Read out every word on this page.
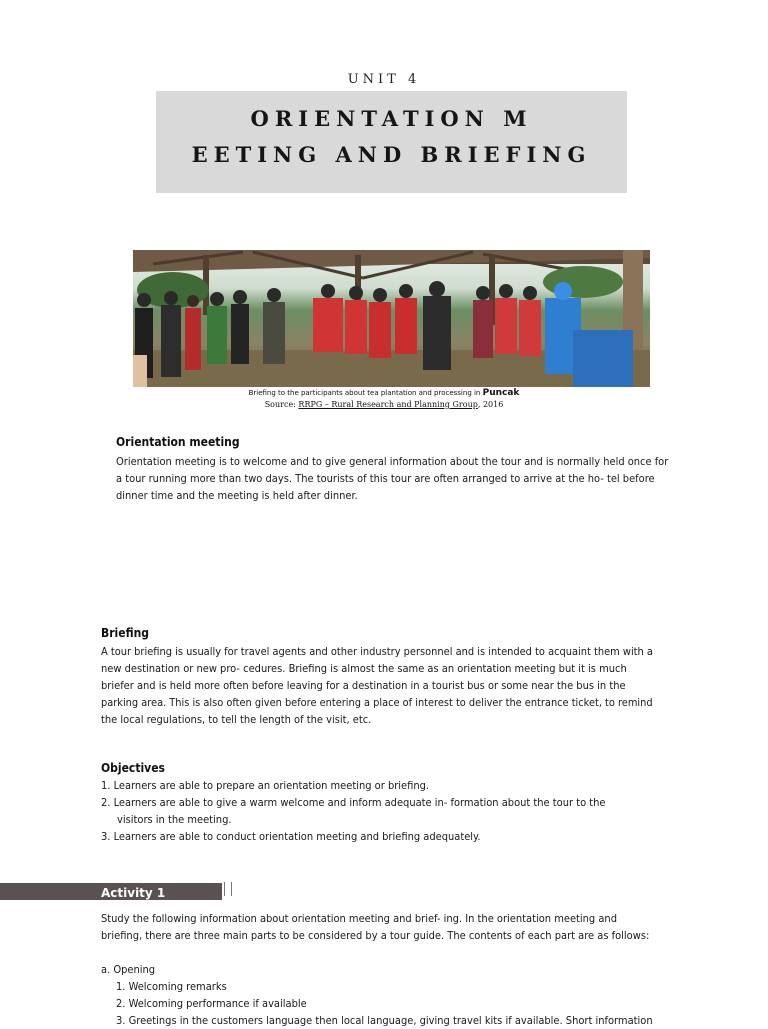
UNIT 4
ORIENTATION M
EETING AND BRIEFING
Briefing to the participants about tea plantation and processing in Puncak
Source: RRPG – Rural Research and Planning Group, 2016
Orientation meeting
Orientation meeting is to welcome and to give general information about the tour and is normally held once for
a tour running more than two days. The tourists of this tour are often arranged to arrive at the ho- tel before
dinner time and the meeting is held after dinner.
Briefing
A tour briefing is usually for travel agents and other industry personnel and is intended to acquaint them with a
new destination or new pro- cedures. Briefing is almost the same as an orientation meeting but it is much
briefer and is held more often before leaving for a destination in a tourist bus or some near the bus in the
parking area. This is also often given before entering a place of interest to deliver the entrance ticket, to remind
the local regulations, to tell the length of the visit, etc.
Objectives
1. Learners are able to prepare an orientation meeting or briefing.
2. Learners are able to give a warm welcome and inform adequate in- formation about the tour to the
visitors in the meeting.
3. Learners are able to conduct orientation meeting and briefing adequately.
Activity 1
Study the following information about orientation meeting and brief- ing. In the orientation meeting and
briefing, there are three main parts to be considered by a tour guide. The contents of each part are as follows:
a. Opening
1. Welcoming remarks
2. Welcoming performance if available
3. Greetings in the customers language then local language, giving travel kits if available. Short information
